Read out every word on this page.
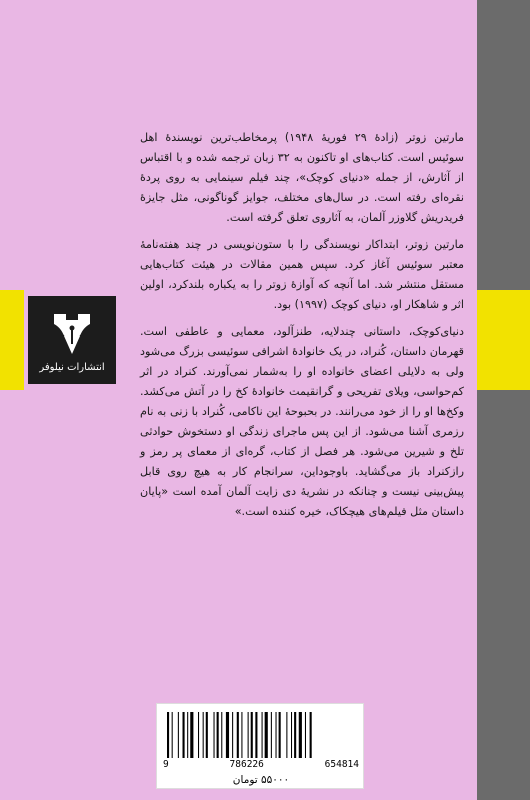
انتشارات نیلوفر

مارتین زوتر (زادهٔ ۲۹ فوریهٔ ۱۹۴۸) پرمخاطب‌ترین نویسندهٔ اهل سوئیس است. کتاب‌های او تاکنون به ۳۲ زبان ترجمه شده و با اقتباس از آثارش، از جمله «دنیای کوچک»، چند فیلم سینمایی به روی پردهٔ نقره‌ای رفته است. در سال‌های مختلف، جوایز گوناگونی، مثل جایزهٔ فریدریش گلاوزر آلمان، به آثاروی تعلق گرفته است.

مارتین زوتر، ابتداکار نویسندگی را با ستون‌نویسی در چند هفته‌نامهٔ معتبر سوئیس آغاز کرد. سپس همین مقالات در هیئت کتاب‌هایی مستقل منتشر شد. اما آنچه که آوازهٔ زوتر را به یکباره بلندکرد، اولین اثر و شاهکار او، دنیای کوچک (۱۹۹۷) بود.

دنیای‌کوچک، داستانی چندلایه، طنزآلود، معمایی و عاطفی است. قهرمان داستان، کُنراد، در یک خانوادهٔ اشرافی سوئیسی بزرگ می‌شود ولی به دلایلی اعضای خانواده او را به‌شمار نمی‌آورند. کنراد در اثر کم‌حواسی، ویلای تفریحی و گرانقیمت خانوادهٔ کخ را در آتش می‌کشد. وکخ‌ها او را از خود می‌رانند. در بحبوحهٔ این ناکامی، کُنراد با زنی به نام رزمری آشنا می‌شود. از این پس ماجرای زندگی او دستخوش حوادثی تلخ و شیرین می‌شود. هر فصل از کتاب، گره‌ای از معمای پر رمز و رازکنراد باز می‌گشاید. باوجوداین، سرانجام کار به هیچ روی قابل پیش‌بینی نیست و چنانکه در نشریهٔ دی زایت آلمان آمده است «پایان داستان مثل فیلم‌های هیچکاک، خیره کننده است.»

9	786226	654814
۵۵۰۰۰ تومان
